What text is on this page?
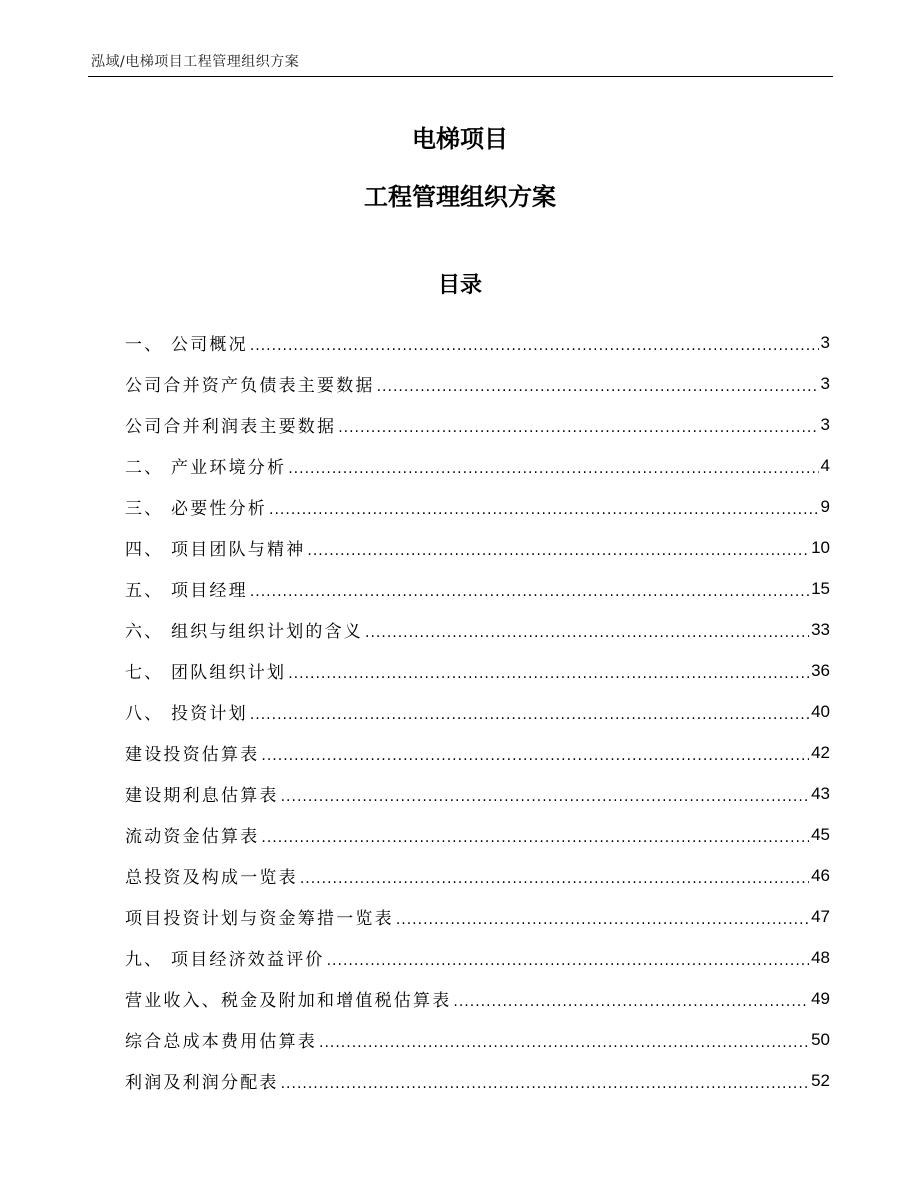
泓域/电梯项目工程管理组织方案
电梯项目
工程管理组织方案
目录
一、 公司概况 .....	3
公司合并资产负债表主要数据 .....	3
公司合并利润表主要数据 .....	3
二、 产业环境分析 .....	4
三、 必要性分析 .....	9
四、 项目团队与精神 .....	10
五、 项目经理 .....	15
六、 组织与组织计划的含义 .....	33
七、 团队组织计划 .....	36
八、 投资计划 .....	40
建设投资估算表 .....	42
建设期利息估算表 .....	43
流动资金估算表 .....	45
总投资及构成一览表 .....	46
项目投资计划与资金筹措一览表 .....	47
九、 项目经济效益评价 .....	48
营业收入、税金及附加和增值税估算表 .....	49
综合总成本费用估算表 .....	50
利润及利润分配表 .....	52
